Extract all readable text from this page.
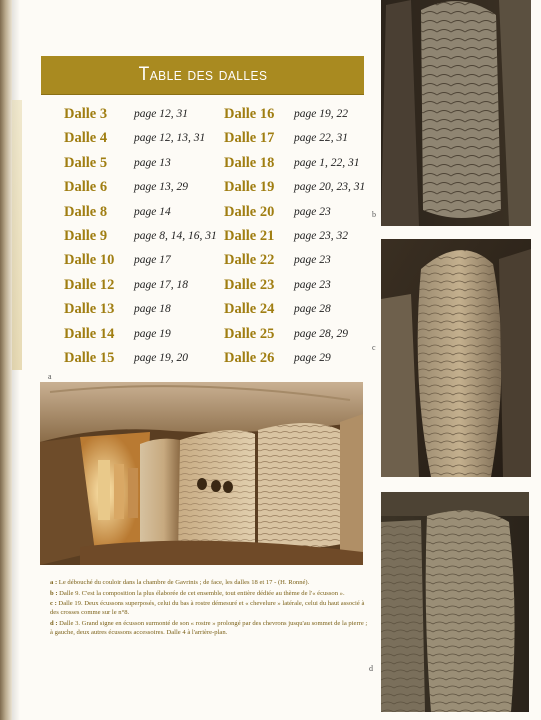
Table des dalles
Dalle 3 page 12, 31
Dalle 4 page 12, 13, 31
Dalle 5 page 13
Dalle 6 page 13, 29
Dalle 8 page 14
Dalle 9 page 8, 14, 16, 31
Dalle 10 page 17
Dalle 12 page 17, 18
Dalle 13 page 18
Dalle 14 page 19
Dalle 15 page 19, 20
Dalle 16 page 19, 22
Dalle 17 page 22, 31
Dalle 18 page 1, 22, 31
Dalle 19 page 20, 23, 31
Dalle 20 page 23
Dalle 21 page 23, 32
Dalle 22 page 23
Dalle 23 page 23
Dalle 24 page 28
Dalle 25 page 28, 29
Dalle 26 page 29
a
b
c
d

a : Le débouché du couloir dans la chambre de Gavrinis ; de face, les dalles 18 et 17 - (H. Ronné).

b : Dalle 9. C'est la composition la plus élaborée de cet ensemble, tout entière dédiée au thème de l'« écusson ».

c : Dalle 19. Deux écussons superposés, celui du bas à rostre démesuré et « chevelure » latérale, celui du haut associé à des crosses comme sur le n°8.

d : Dalle 3. Grand signe en écusson surmonté de son « rostre » prolongé par des chevrons jusqu'au sommet de la pierre ; à gauche, deux autres écussons accessoires. Dalle 4 à l'arrière-plan.
